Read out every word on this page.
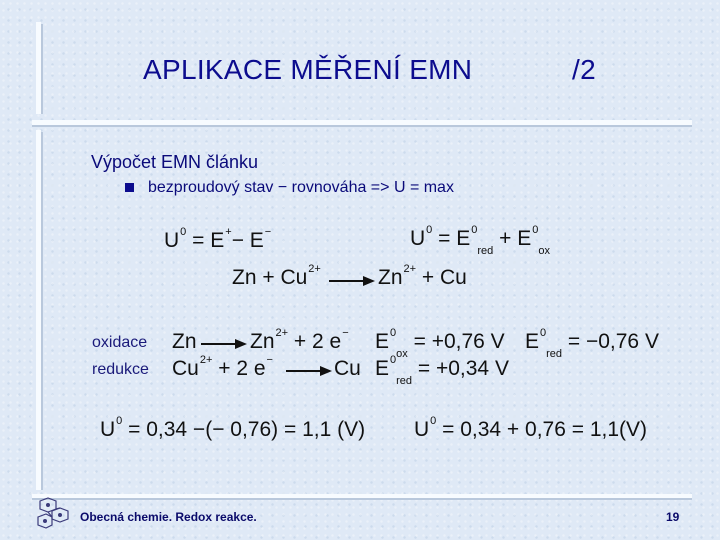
APLIKACE MĚŘENÍ EMN	/2
Výpočet EMN článku
bezproudový stav − rovnováha => U = max
$U^0 = E^+- E^-$	$U^0 = E^0_{red} + E^0_{ox}$
$Zn + Cu^{2+} \to Zn^{2+} + Cu$
oxidace Zn	$Zn^{2+} + 2$ e− $E^0_{ox} = +0,76$ V $E^0_{red} = -0,76$ V
redukce $Cu^{2+} + 2$ e−	Cu $E^0_{red} = +0,34$ V
$U^0 = 0,34$ −(− 0,76) = 1,1 (V) $U^0 = 0,34 + 0,76 = 1,1(V)$
Obecná chemie. Redox reakce.	19
